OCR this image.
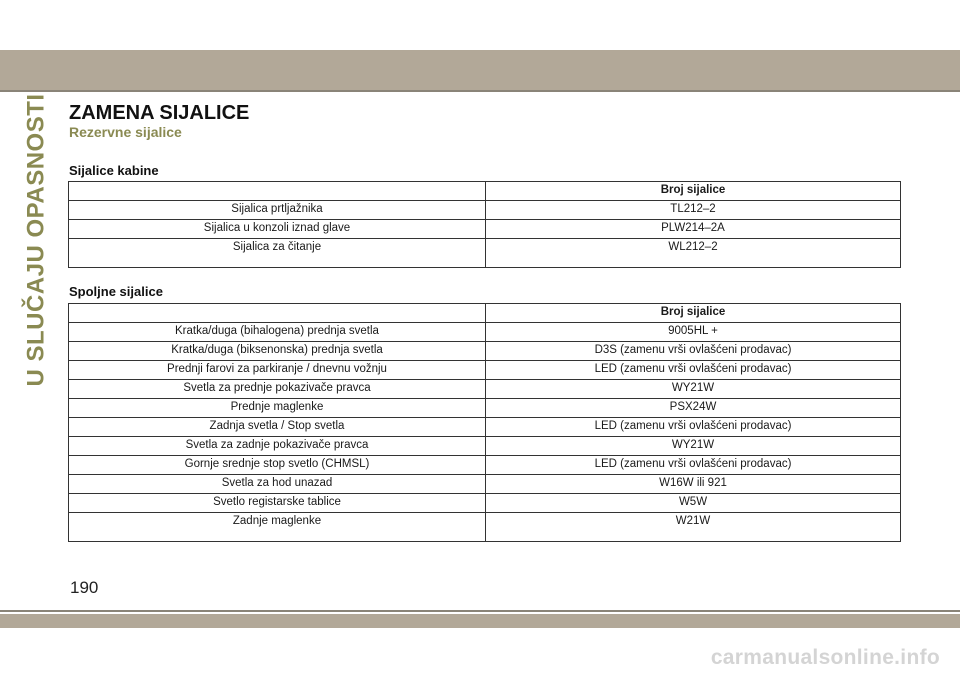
U SLUČAJU OPASNOSTI ZAMENA SIJALICE
Rezervne sijalice
Sijalice kabine
	Broj sijalice
Sijalica prtljažnika	TL212–2
Sijalica u konzoli iznad glave	PLW214–2A
Sijalica za čitanje	WL212–2
Spoljne sijalice
	Broj sijalice
Kratka/duga (bihalogena) prednja svetla	9005HL +
Kratka/duga (biksenonska) prednja svetla	D3S (zamenu vrši ovlašćeni prodavac)
Prednji farovi za parkiranje / dnevnu vožnju	LED (zamenu vrši ovlašćeni prodavac)
Svetla za prednje pokazivače pravca	WY21W
Prednje maglenke	PSX24W
Zadnja svetla / Stop svetla	LED (zamenu vrši ovlašćeni prodavac)
Svetla za zadnje pokazivače pravca	WY21W
Gornje srednje stop svetlo (CHMSL)	LED (zamenu vrši ovlašćeni prodavac)
Svetla za hod unazad	W16W ili 921
Svetlo registarske tablice	W5W
Zadnje maglenke	W21W
190
carmanualsonline.info
